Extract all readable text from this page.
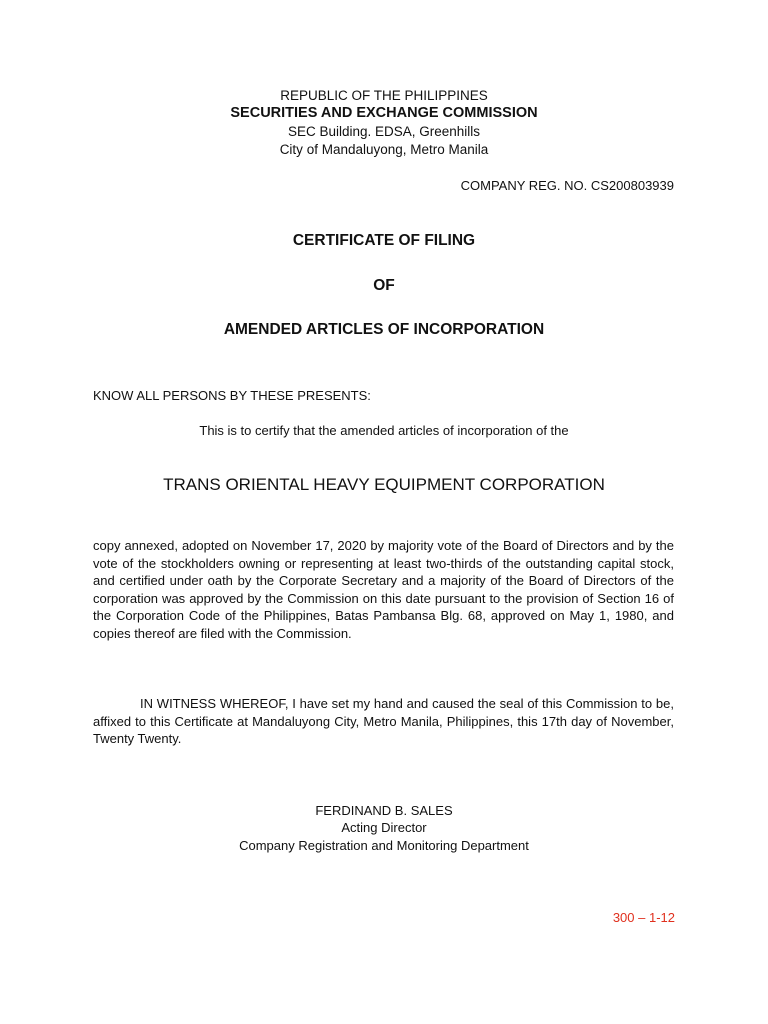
REPUBLIC OF THE PHILIPPINES
SECURITIES AND EXCHANGE COMMISSION
SEC Building. EDSA, Greenhills
City of Mandaluyong, Metro Manila
COMPANY REG. NO. CS200803939
CERTIFICATE OF FILING
OF
AMENDED ARTICLES OF INCORPORATION
KNOW ALL PERSONS BY THESE PRESENTS:
This is to certify that the amended articles of incorporation of the
TRANS ORIENTAL HEAVY EQUIPMENT CORPORATION
copy annexed, adopted on November 17, 2020 by majority vote of the Board of Directors and by the vote of the stockholders owning or representing at least two-thirds of the outstanding capital stock, and certified under oath by the Corporate Secretary and a majority of the Board of Directors of the corporation was approved by the Commission on this date pursuant to the provision of Section 16 of the Corporation Code of the Philippines, Batas Pambansa Blg. 68, approved on May 1, 1980, and copies thereof are filed with the Commission.
IN WITNESS WHEREOF, I have set my hand and caused the seal of this Commission to be, affixed to this Certificate at Mandaluyong City, Metro Manila, Philippines, this 17th day of November, Twenty Twenty.
FERDINAND B. SALES
Acting Director
Company Registration and Monitoring Department
300 – 1-12
